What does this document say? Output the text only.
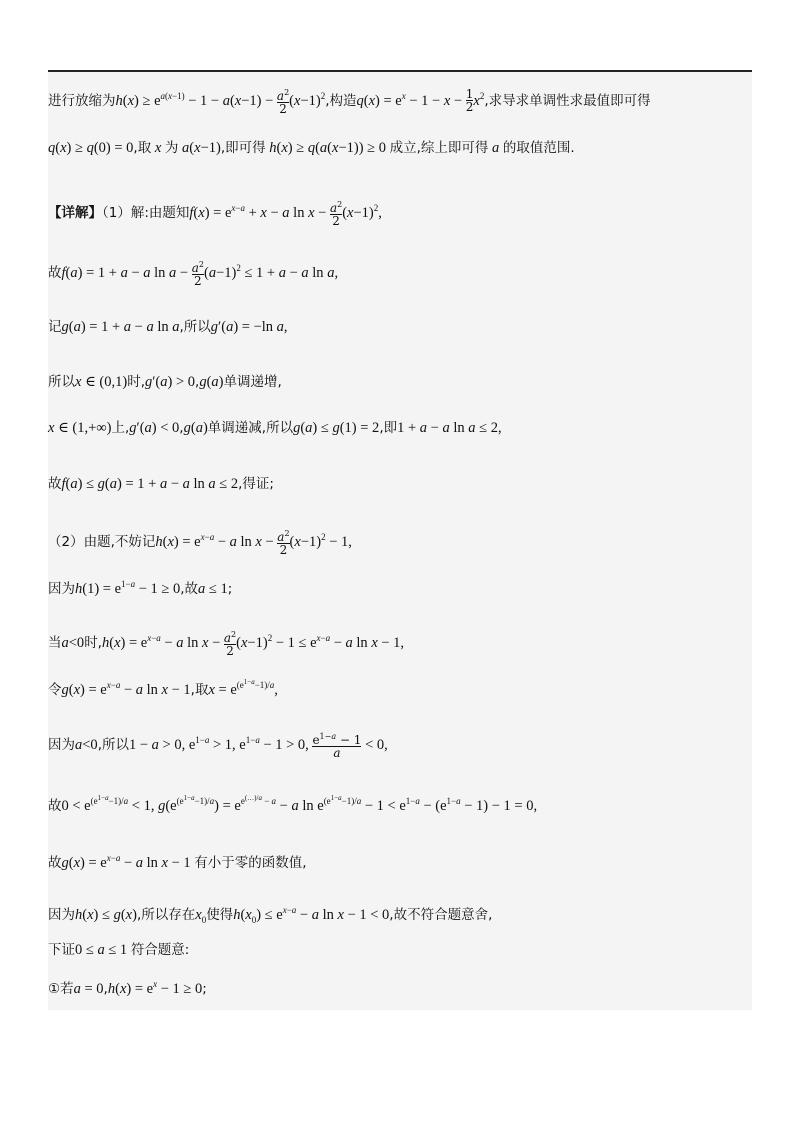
进行放缩为$h(x) \ge e^{a(x-1)} - 1 - a(x-1) - \frac{a^2}{2} (x-1)^2$,构造$q(x) = e^x - 1 - x - \frac{1}{2} x^2$,求导求单调性求最值即可得
q(x) ≥ q(0) = 0,取 x 为 a(x−1),即可得 h(x) ≥ q(a(x−1)) ≥ 0 成立,综上即可得 a 的取值范围.
【详解】（1）解:由题知$f(x) = e^{x-a} + x - a$ $\ln x - \frac{a^2}{2} (x-1)^2$,
故f(a) = 1 + a − a $\ln a - \frac{a^2}{2} (a-1)^2 \le 1 + a - a$ ln a,
记g(a) = 1 + a − a ln a,所以g′(a) = −ln a,
所以x ∈ (0,1)时,g′(a) > 0,g(a)单调递增,
x ∈ (1,+∞)上,g′(a) < 0,g(a)单调递减,所以g(a) ≤ g(1) = 2,即1 + a − a ln a ≤ 2,
故f(a) ≤ g(a) = 1 + a − a ln a ≤ 2,得证;
（2）由题,不妨记$h(x) = e^{x-a} - a$ $\ln x - \frac{a^2}{2} (x-1)^2 - 1$,
因为$h(1) = e^{1-a} - 1 \ge 0$,故a ≤ 1;
当a<0时$,h(x) = e^{x-a} - a$ $\ln x - \frac{a^2}{2} (x-1)^2 - 1 \le e^{x-a} - a$ ln x − 1,
令$g(x) = e^{x-a} - a$ ln x − 1,取$x = e^{(e^{1-a}-1)/a}$,
因为a<0,所以1 − a > 0, $e^{1-a} > 1$, $e^{1-a} - 1 > 0$, $\frac{e^{1-a} - 1}{a} < 0$,
故$0 < e^{(e^{1-a}-1)/a} < 1$, $g(e^{(e^{1-a}-1)/a}) = e^{e^{(\dots)/a} - a} - a$ $\ln e^{(e^{1-a}-1)/a} - 1 < e^{1-a} - (e^{1-a} - 1) - 1 = 0$,
故$g(x) = e^{x-a} - a$ ln x − 1 有小于零的函数值,
因为h(x) ≤ g(x),所以存在$x_0$使得$h(x_0) \le e^{x-a} - a$ ln x − 1 < 0,故不符合题意舍,
下证0 ≤ a ≤ 1 符合题意:
①若$a = 0,h(x) = e^x - 1 \ge 0$;
